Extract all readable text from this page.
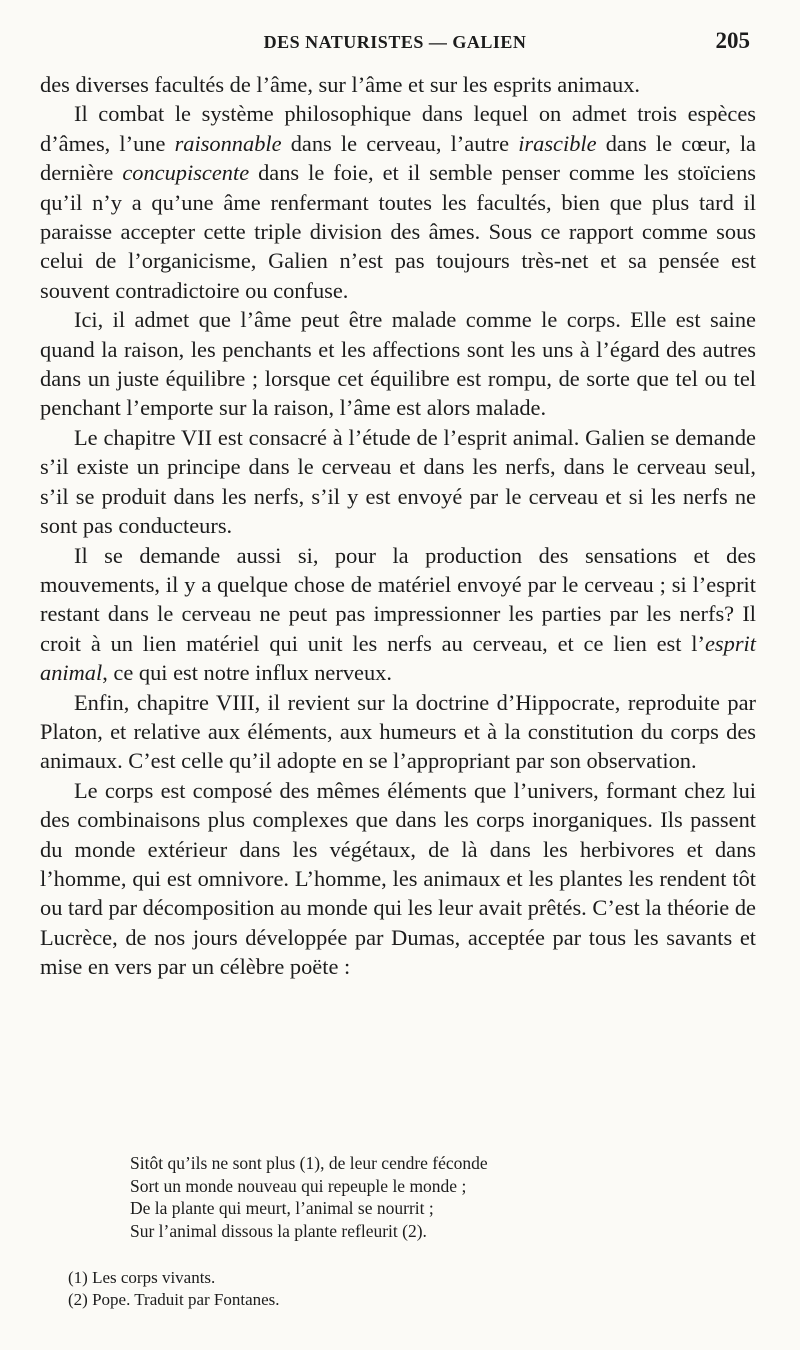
DES NATURISTES — GALIEN	205

des diverses facultés de l’âme, sur l’âme et sur les esprits animaux.

Il combat le système philosophique dans lequel on admet trois espèces d’âmes, l’une raisonnable dans le cerveau, l’autre irascible dans le cœur, la dernière concupiscente dans le foie, et il semble penser comme les stoïciens qu’il n’y a qu’une âme renfermant toutes les facultés, bien que plus tard il paraisse accepter cette triple division des âmes. Sous ce rapport comme sous celui de l’organicisme, Galien n’est pas toujours très-net et sa pensée est souvent contradictoire ou confuse.

Ici, il admet que l’âme peut être malade comme le corps. Elle est saine quand la raison, les penchants et les affections sont les uns à l’égard des autres dans un juste équilibre ; lorsque cet équilibre est rompu, de sorte que tel ou tel penchant l’emporte sur la raison, l’âme est alors malade.

Le chapitre VII est consacré à l’étude de l’esprit animal. Galien se demande s’il existe un principe dans le cerveau et dans les nerfs, dans le cerveau seul, s’il se produit dans les nerfs, s’il y est envoyé par le cerveau et si les nerfs ne sont pas conducteurs.

Il se demande aussi si, pour la production des sensations et des mouvements, il y a quelque chose de matériel envoyé par le cerveau ; si l’esprit restant dans le cerveau ne peut pas impressionner les parties par les nerfs? Il croit à un lien matériel qui unit les nerfs au cerveau, et ce lien est l’esprit animal, ce qui est notre influx nerveux.

Enfin, chapitre VIII, il revient sur la doctrine d’Hippocrate, reproduite par Platon, et relative aux éléments, aux humeurs et à la constitution du corps des animaux. C’est celle qu’il adopte en se l’appropriant par son observation.

Le corps est composé des mêmes éléments que l’univers, formant chez lui des combinaisons plus complexes que dans les corps inorganiques. Ils passent du monde extérieur dans les végétaux, de là dans les herbivores et dans l’homme, qui est omnivore. L’homme, les animaux et les plantes les rendent tôt ou tard par décomposition au monde qui les leur avait prêtés. C’est la théorie de Lucrèce, de nos jours développée par Dumas, acceptée par tous les savants et mise en vers par un célèbre poëte :

Sitôt qu’ils ne sont plus (1), de leur cendre féconde
Sort un monde nouveau qui repeuple le monde ;
De la plante qui meurt, l’animal se nourrit ;
Sur l’animal dissous la plante refleurit (2).
(1) Les corps vivants.
(2) Pope. Traduit par Fontanes.
